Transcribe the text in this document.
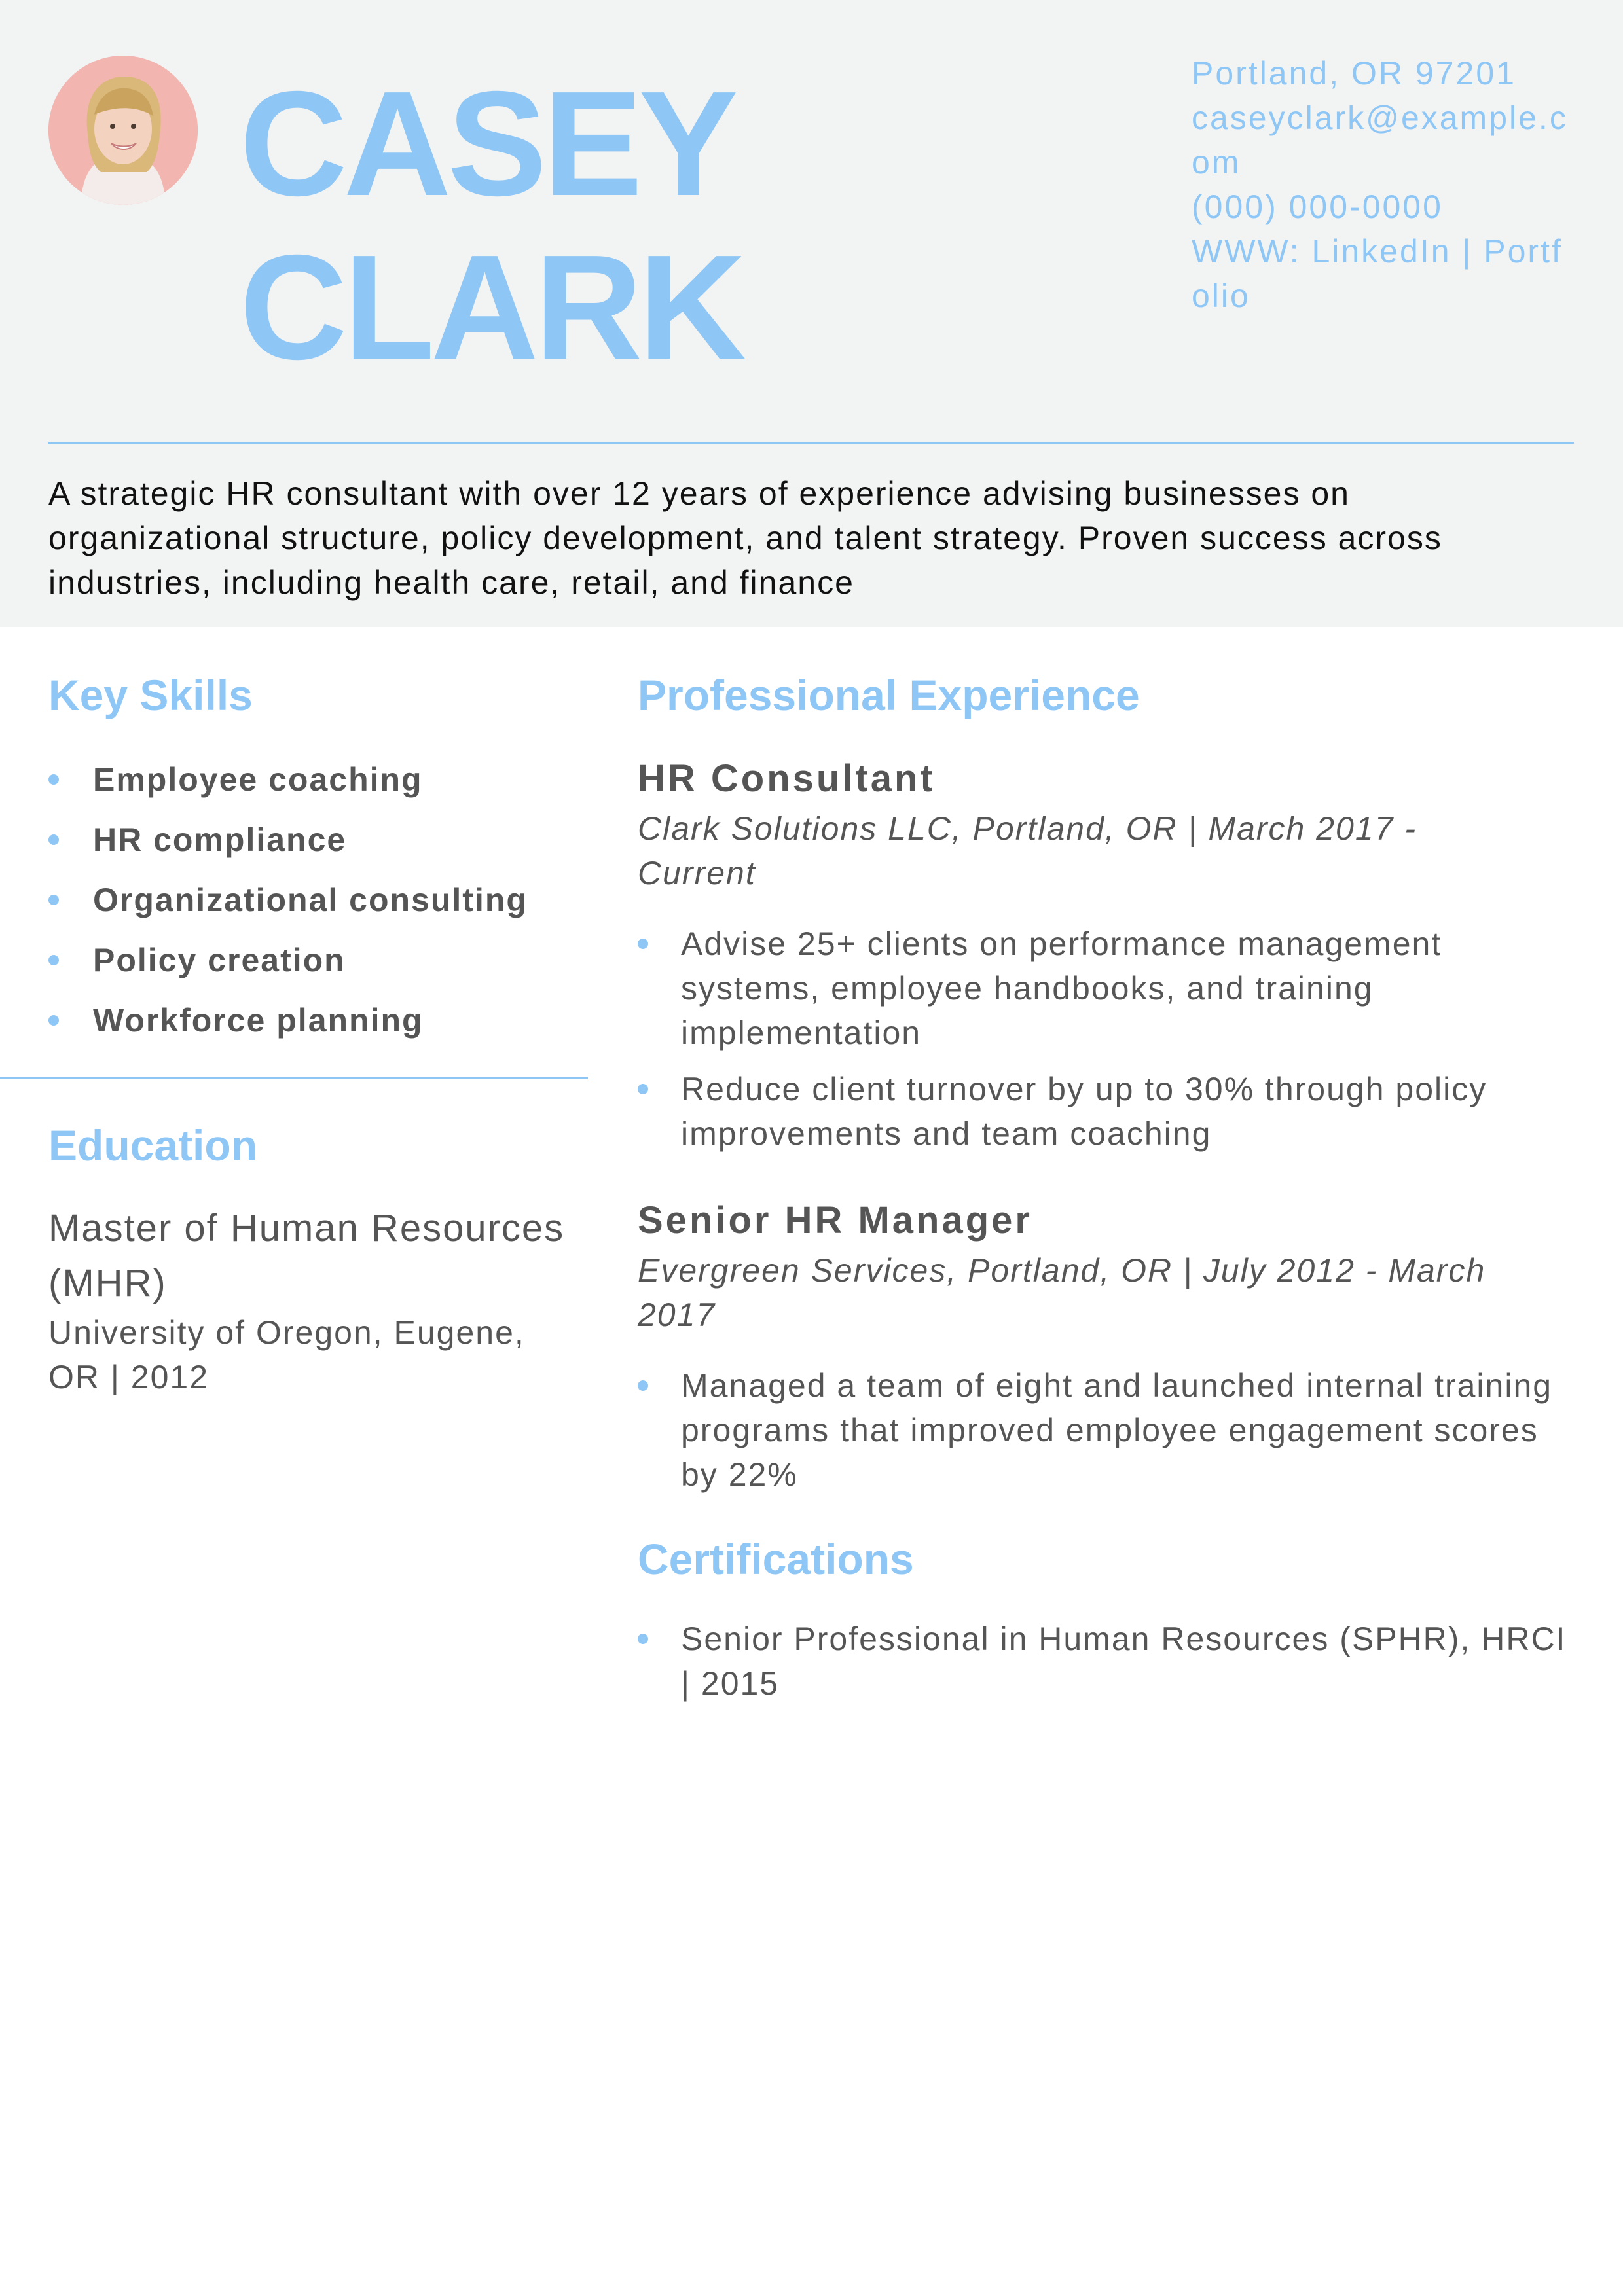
CASEY
CLARK
Portland, OR 97201
caseyclark@example.com
(000) 000-0000
WWW: LinkedIn | Portfolio

A strategic HR consultant with over 12 years of experience advising businesses on organizational structure, policy development, and talent strategy. Proven success across industries, including health care, retail, and finance

Key Skills
Employee coaching
HR compliance
Organizational consulting
Policy creation
Workforce planning
Education

Master of Human Resources (MHR)

University of Oregon, Eugene, OR | 2012

Professional Experience
HR Consultant

Clark Solutions LLC, Portland, OR | March 2017 - Current

Advise 25+ clients on performance management systems, employee handbooks, and training implementation
Reduce client turnover by up to 30% through policy improvements and team coaching
Senior HR Manager

Evergreen Services, Portland, OR | July 2012 - March 2017

Managed a team of eight and launched internal training programs that improved employee engagement scores by 22%
Certifications
Senior Professional in Human Resources (SPHR), HRCI | 2015
